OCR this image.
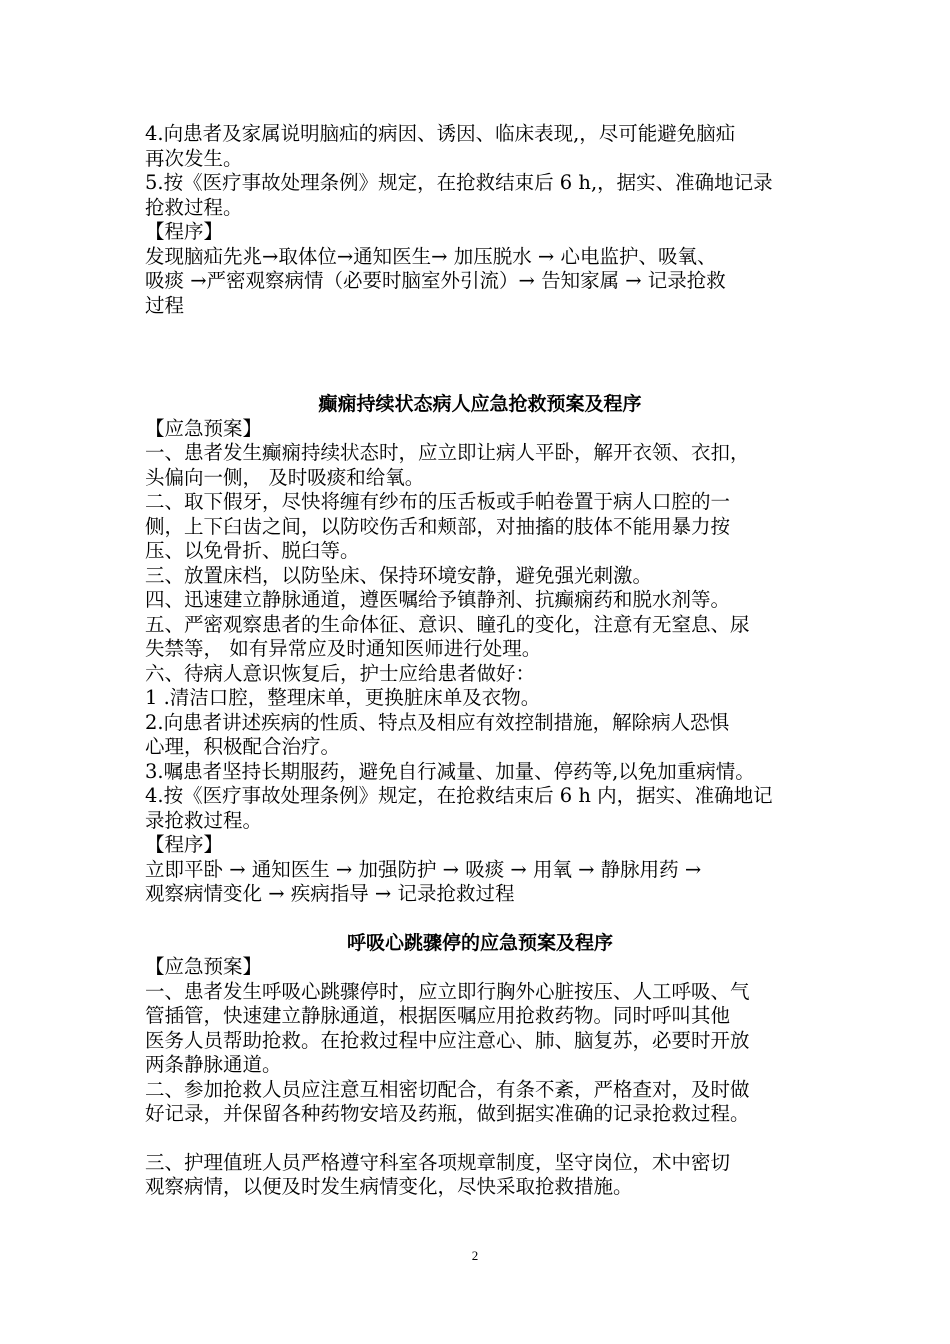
4.向患者及家属说明脑疝的病因、诱因、临床表现,，尽可能避免脑疝
再次发生。
5.按《医疗事故处理条例》规定，在抢救结束后 6 h,，据实、准确地记录
抢救过程。
【程序】
发现脑疝先兆→取体位→通知医生→ 加压脱水 → 心电监护、吸氧、
吸痰 →严密观察病情（必要时脑室外引流）→ 告知家属 → 记录抢救
过程
癫痫持续状态病人应急抢救预案及程序
【应急预案】
一、患者发生癫痫持续状态时，应立即让病人平卧，解开衣领、衣扣，
头偏向一侧， 及时吸痰和给氧。
二、取下假牙，尽快将缠有纱布的压舌板或手帕卷置于病人口腔的一
侧，上下臼齿之间，以防咬伤舌和颊部，对抽搐的肢体不能用暴力按
压、以免骨折、脱臼等。
三、放置床档，以防坠床、保持环境安静，避免强光刺激。
四、迅速建立静脉通道，遵医嘱给予镇静剂、抗癫痫药和脱水剂等。
五、严密观察患者的生命体征、意识、瞳孔的变化，注意有无窒息、尿
失禁等， 如有异常应及时通知医师进行处理。
六、待病人意识恢复后，护士应给患者做好：
1 .清洁口腔，整理床单，更换脏床单及衣物。
2.向患者讲述疾病的性质、特点及相应有效控制措施，解除病人恐惧
心理，积极配合治疗。
3.嘱患者坚持长期服药，避免自行减量、加量、停药等,以免加重病情。
4.按《医疗事故处理条例》规定，在抢救结束后 6 h 内，据实、准确地记
录抢救过程。
【程序】
立即平卧 → 通知医生 → 加强防护 → 吸痰 → 用氧 → 静脉用药 →
观察病情变化 → 疾病指导 → 记录抢救过程
呼吸心跳骤停的应急预案及程序
【应急预案】
一、患者发生呼吸心跳骤停时，应立即行胸外心脏按压、人工呼吸、气
管插管，快速建立静脉通道，根据医嘱应用抢救药物。同时呼叫其他
医务人员帮助抢救。在抢救过程中应注意心、肺、脑复苏，必要时开放
两条静脉通道。
二、参加抢救人员应注意互相密切配合，有条不紊，严格查对，及时做
好记录，并保留各种药物安培及药瓶，做到据实准确的记录抢救过程。
三、护理值班人员严格遵守科室各项规章制度，坚守岗位，术中密切
观察病情，以便及时发生病情变化，尽快采取抢救措施。
2
